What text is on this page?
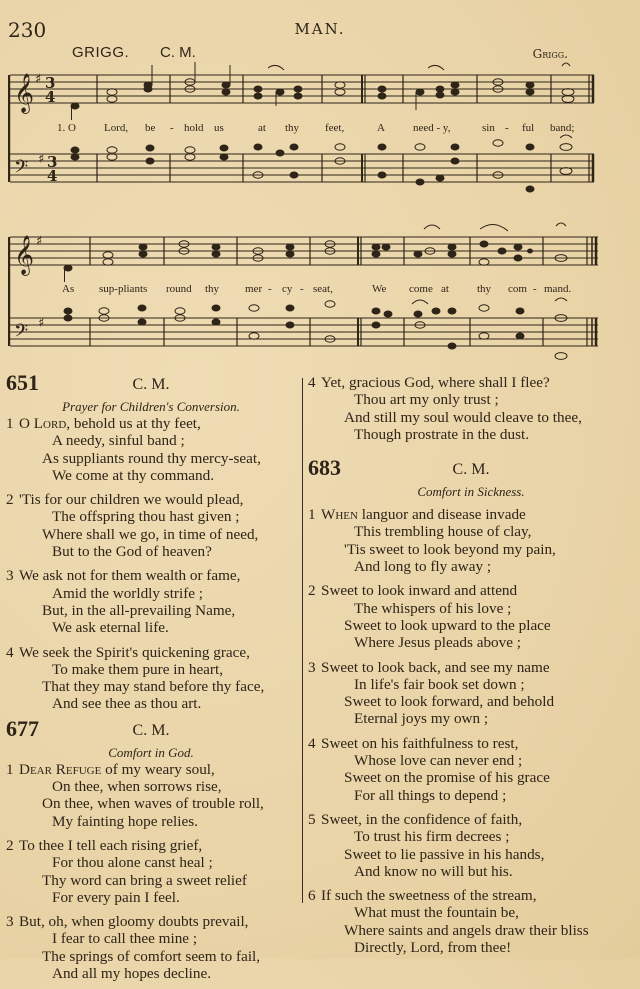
230	MAN.
GRIGG. C. M.	Grigg.
𝄞 ♯ 3
4
𝄢 ♯ 3
4
1. O	Lord, be - hold us	at thy feet,	A	need - y,	sin - ful band;
𝄞 ♯
𝄢 ♯
As sup-pliants round thy mer - cy - seat,	We come at	thy com - mand.
651	C. M.
Prayer for Children's Conversion.
1 O Lord, behold us at thy feet,
A needy, sinful band ;
As suppliants round thy mercy-seat,
We come at thy command.
2 'Tis for our children we would plead,
The offspring thou hast given ;
Where shall we go, in time of need,
But to the God of heaven?
3 We ask not for them wealth or fame,
Amid the worldly strife ;
But, in the all-prevailing Name,
We ask eternal life.
4 We seek the Spirit's quickening grace,
To make them pure in heart,
That they may stand before thy face,
And see thee as thou art.
677	C. M.
Comfort in God.
1 Dear Refuge of my weary soul,
On thee, when sorrows rise,
On thee, when waves of trouble roll,
My fainting hope relies.
2 To thee I tell each rising grief,
For thou alone canst heal ;
Thy word can bring a sweet relief
For every pain I feel.
3 But, oh, when gloomy doubts prevail,
I fear to call thee mine ;
The springs of comfort seem to fail,
And all my hopes decline.
4 Yet, gracious God, where shall I flee?
Thou art my only trust ;
And still my soul would cleave to thee,
Though prostrate in the dust.
683	C. M.
Comfort in Sickness.
1 When languor and disease invade
This trembling house of clay,
'Tis sweet to look beyond my pain,
And long to fly away ;
2 Sweet to look inward and attend
The whispers of his love ;
Sweet to look upward to the place
Where Jesus pleads above ;
3 Sweet to look back, and see my name
In life's fair book set down ;
Sweet to look forward, and behold
Eternal joys my own ;
4 Sweet on his faithfulness to rest,
Whose love can never end ;
Sweet on the promise of his grace
For all things to depend ;
5 Sweet, in the confidence of faith,
To trust his firm decrees ;
Sweet to lie passive in his hands,
And know no will but his.
6 If such the sweetness of the stream,
What must the fountain be,
Where saints and angels draw their bliss
Directly, Lord, from thee!
